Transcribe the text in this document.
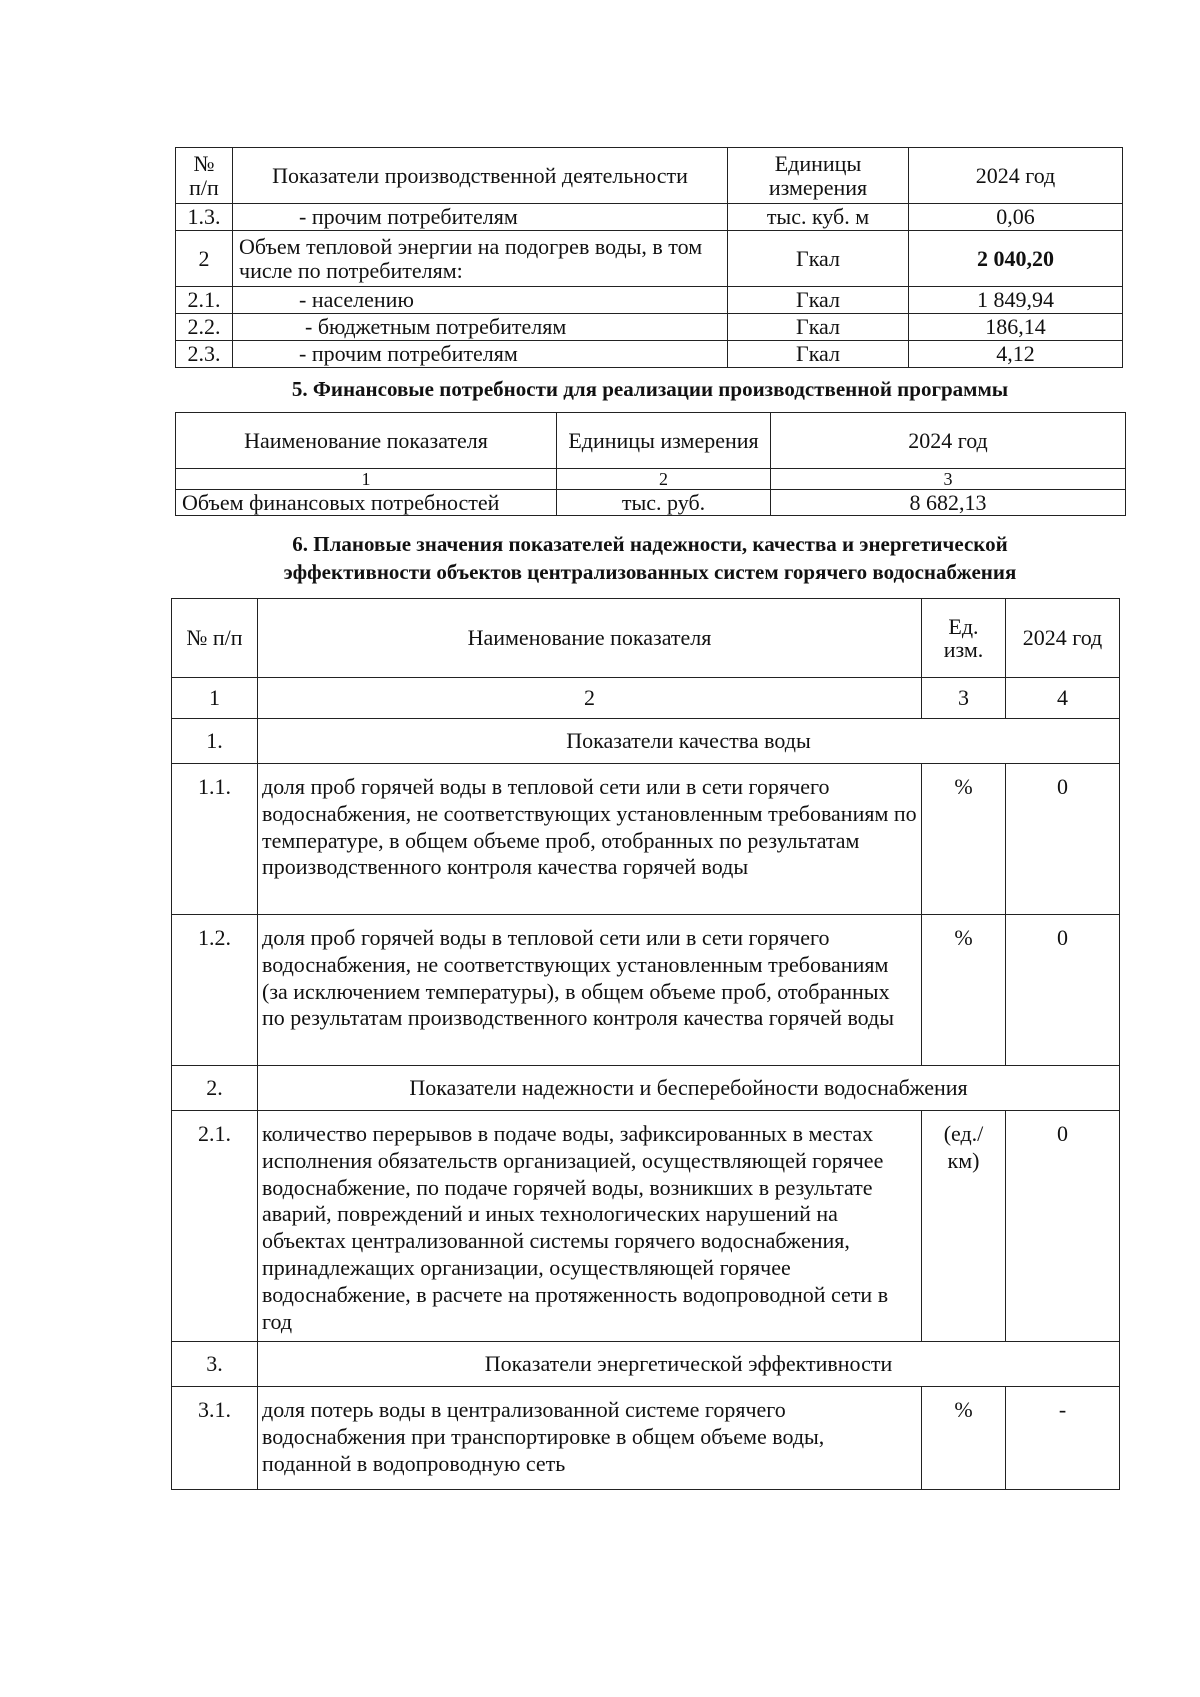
№ п/п	Показатели производственной деятельности	Единицы измерения	2024 год
1.3.	- прочим потребителям	тыс. куб. м	0,06
2	Объем тепловой энергии на подогрев воды, в том числе по потребителям:	Гкал	2 040,20
2.1.	- населению	Гкал	1 849,94
2.2.	- бюджетным потребителям	Гкал	186,14
2.3.	- прочим потребителям	Гкал	4,12
5. Финансовые потребности для реализации производственной программы
Наименование показателя	Единицы измерения	2024 год
1	2	3
Объем финансовых потребностей	тыс. руб.	8 682,13
6. Плановые значения показателей надежности, качества и энергетической
эффективности объектов централизованных систем горячего водоснабжения
№ п/п	Наименование показателя	Ед. изм.	2024 год
1	2	3	4
1.	Показатели качества воды		
1.1.	доля проб горячей воды в тепловой сети или в сети горячего водоснабжения, не соответствующих установленным требованиям по температуре, в общем объеме проб, отобранных по результатам производственного контроля качества горячей воды	%	0
1.2.	доля проб горячей воды в тепловой сети или в сети горячего водоснабжения, не соответствующих установленным требованиям (за исключением температуры), в общем объеме проб, отобранных по результатам производственного контроля качества горячей воды	%	0
2.	Показатели надежности и бесперебойности водоснабжения		
2.1.	количество перерывов в подаче воды, зафиксированных в местах исполнения обязательств организацией, осуществляющей горячее водоснабжение, по подаче горячей воды, возникших в результате аварий, повреждений и иных технологических нарушений на объектах централизованной системы горячего водоснабжения, принадлежащих организации, осуществляющей горячее водоснабжение, в расчете на протяженность водопроводной сети в год	(ед./ км)	0
3.	Показатели энергетической эффективности		
3.1.	доля потерь воды в централизованной системе горячего водоснабжения при транспортировке в общем объеме воды, поданной в водопроводную сеть	%	-
